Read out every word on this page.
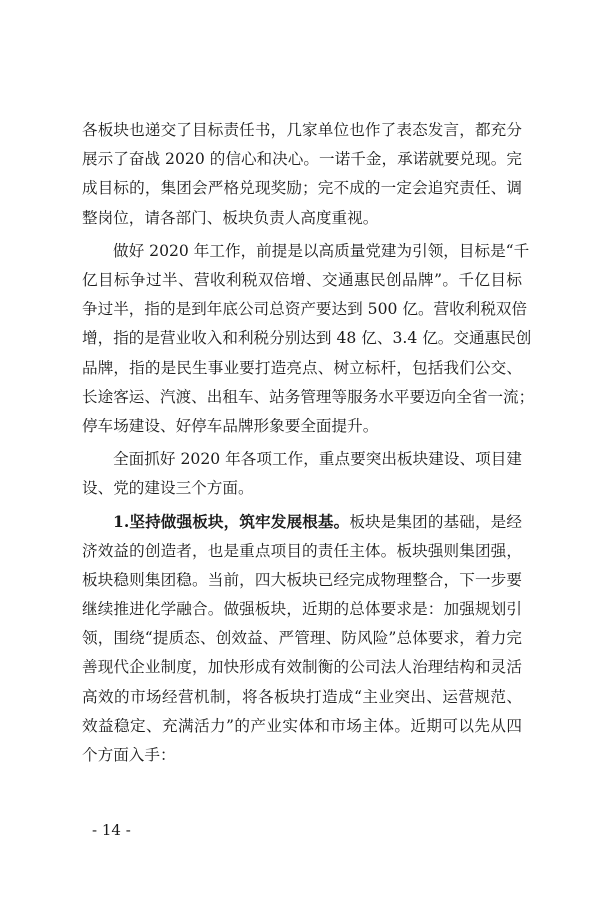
各板块也递交了目标责任书，几家单位也作了表态发言，都充分
展示了奋战 2020 的信心和决心。一诺千金，承诺就要兑现。完
成目标的，集团会严格兑现奖励；完不成的一定会追究责任、调
整岗位，请各部门、板块负责人高度重视。
做好 2020 年工作，前提是以高质量党建为引领，目标是“千
亿目标争过半、营收利税双倍增、交通惠民创品牌”。千亿目标
争过半，指的是到年底公司总资产要达到 500 亿。营收利税双倍
增，指的是营业收入和利税分别达到 48 亿、3.4 亿。交通惠民创
品牌，指的是民生事业要打造亮点、树立标杆，包括我们公交、
长途客运、汽渡、出租车、站务管理等服务水平要迈向全省一流；
停车场建设、好停车品牌形象要全面提升。
全面抓好 2020 年各项工作，重点要突出板块建设、项目建
设、党的建设三个方面。
1.坚持做强板块，筑牢发展根基。板块是集团的基础，是经
济效益的创造者，也是重点项目的责任主体。板块强则集团强，
板块稳则集团稳。当前，四大板块已经完成物理整合，下一步要
继续推进化学融合。做强板块，近期的总体要求是：加强规划引
领，围绕“提质态、创效益、严管理、防风险”总体要求，着力完
善现代企业制度，加快形成有效制衡的公司法人治理结构和灵活
高效的市场经营机制，将各板块打造成“主业突出、运营规范、
效益稳定、充满活力”的产业实体和市场主体。近期可以先从四
个方面入手：
- 14 -
